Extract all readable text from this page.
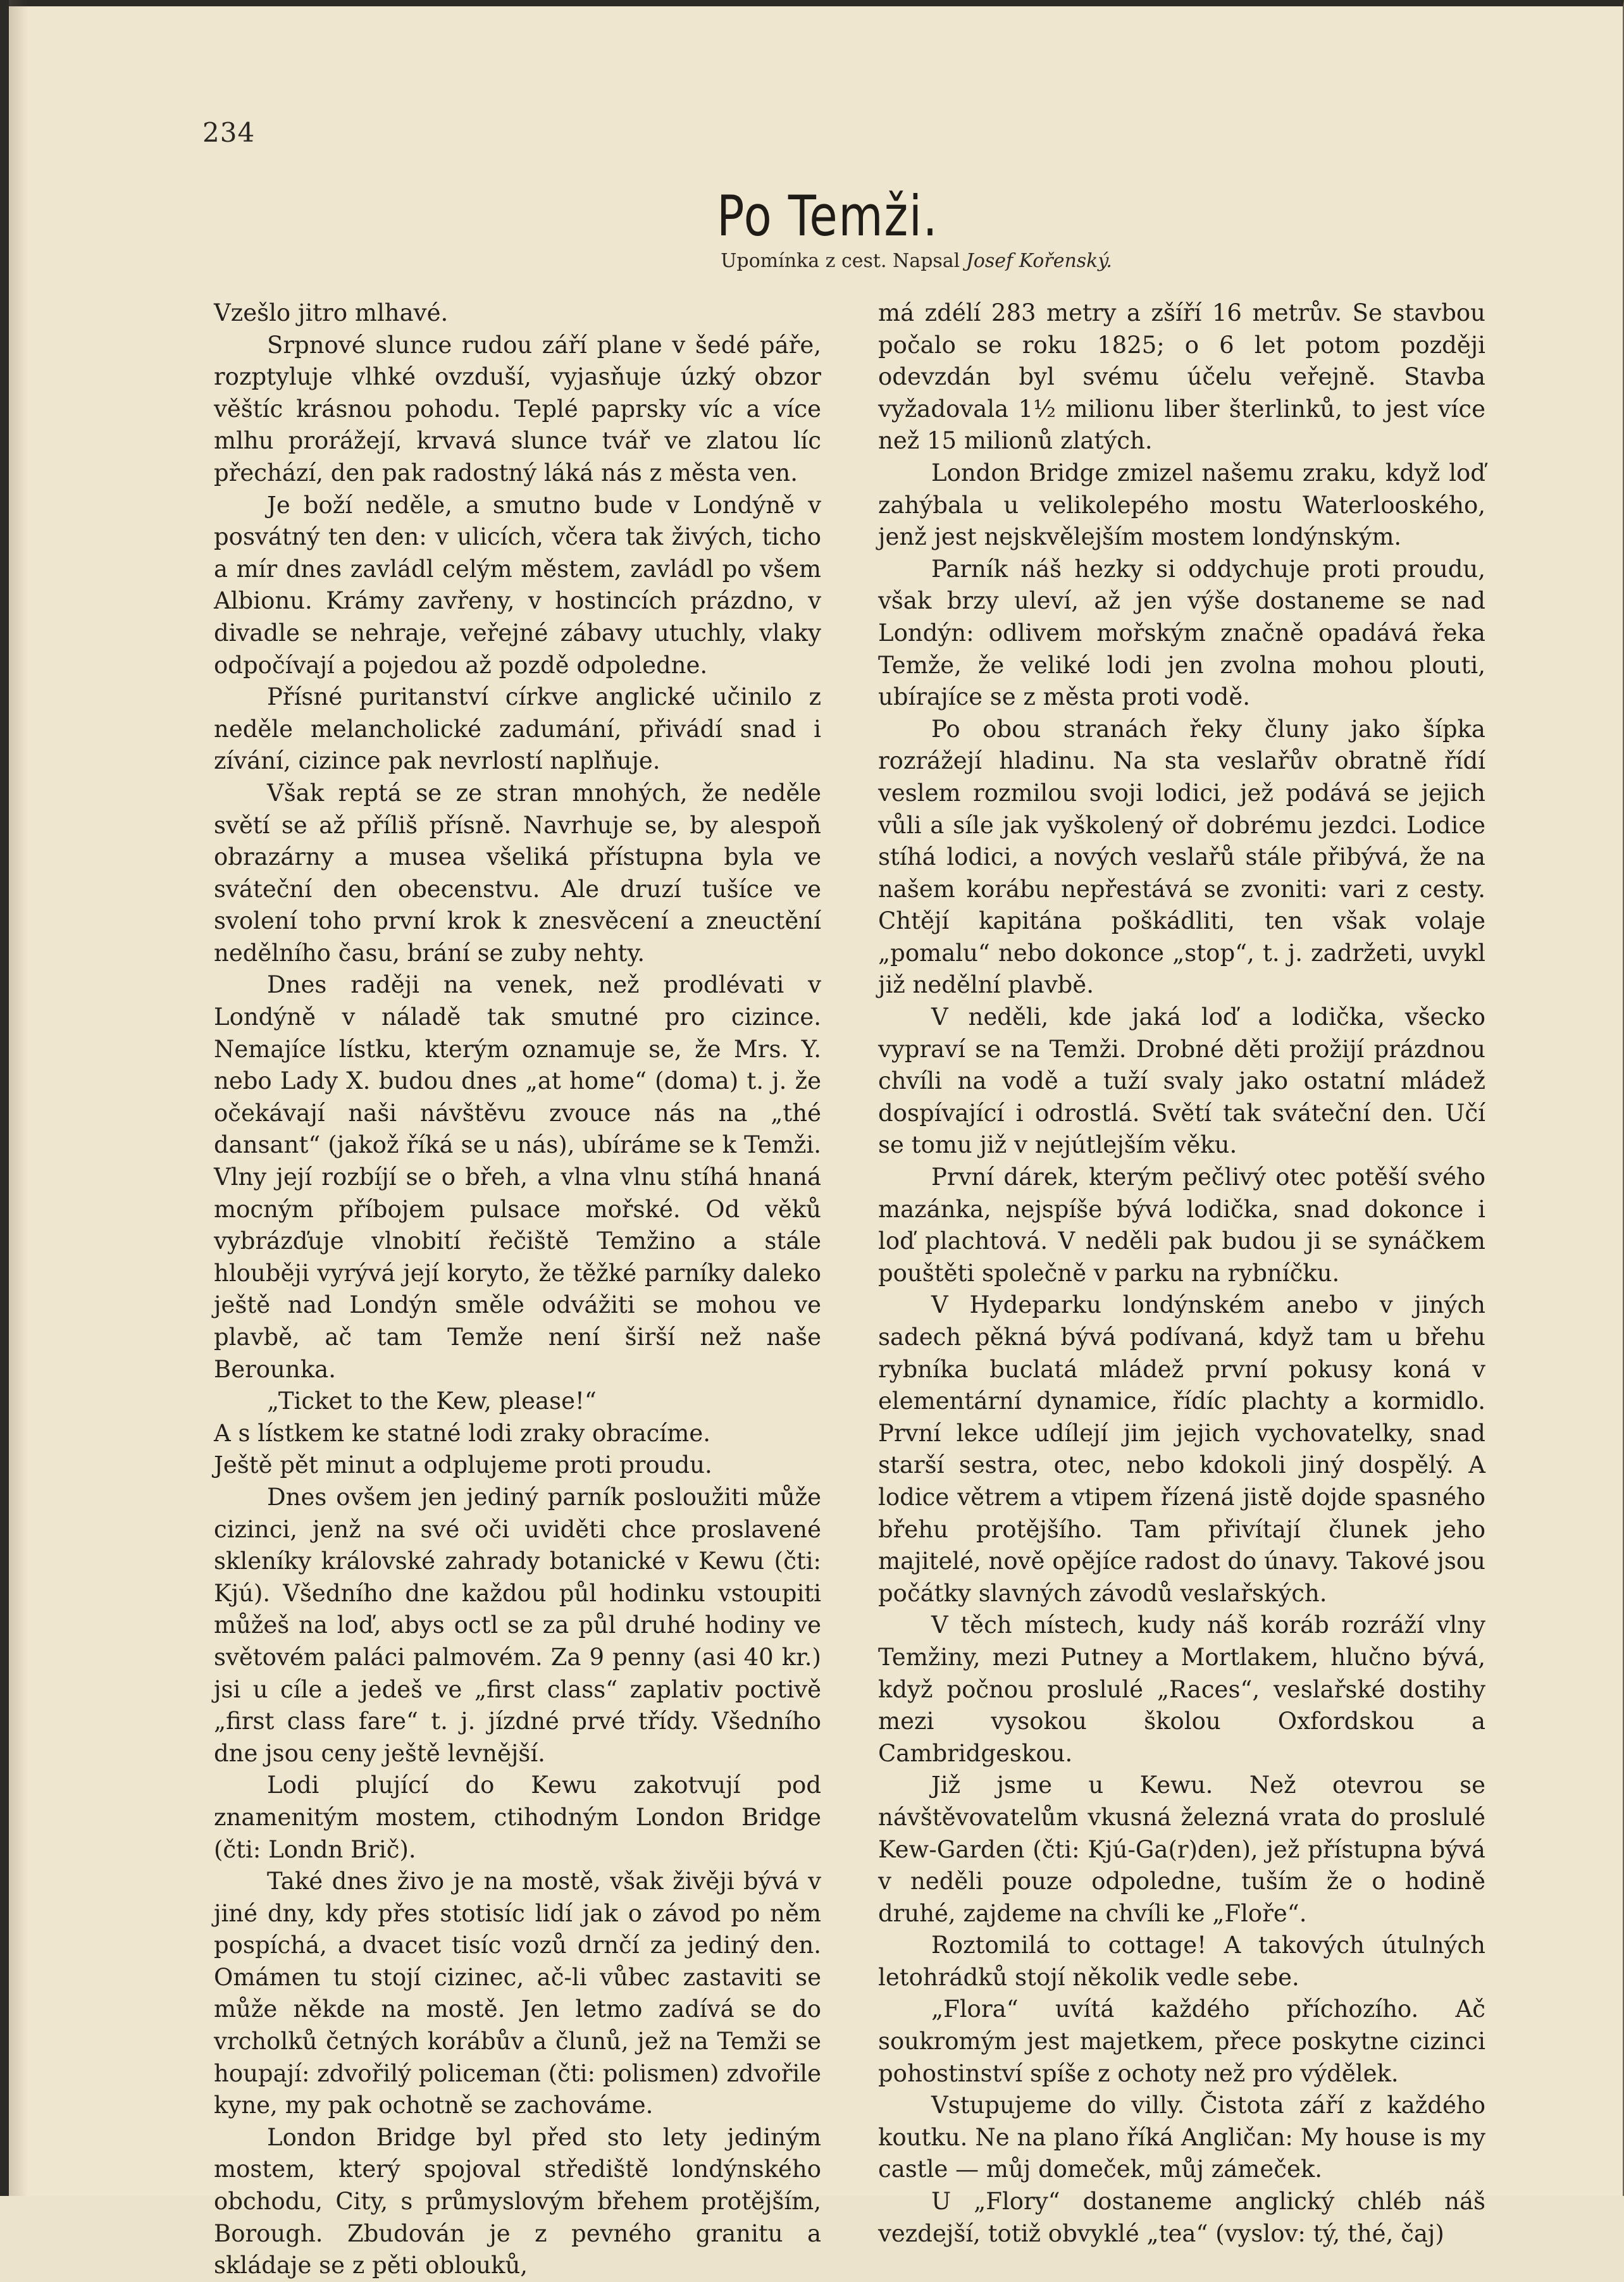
234
Po Temži.
Upomínka z cest. Napsal Josef Kořenský.

Vzešlo jitro mlhavé.

Srpnové slunce rudou září plane v šedé páře, rozptyluje vlhké ovzduší, vyjasňuje úzký obzor věštíc krásnou pohodu. Teplé paprsky víc a více mlhu prorážejí, krvavá slunce tvář ve zlatou líc přechází, den pak radostný láká nás z města ven.

Je boží neděle, a smutno bude v Londýně v posvátný ten den: v ulicích, včera tak živých, ticho a mír dnes zavládl celým městem, zavládl po všem Albionu. Krámy zavřeny, v hostincích prázdno, v divadle se nehraje, veřejné zábavy utuchly, vlaky odpočívají a pojedou až pozdě odpoledne.

Přísné puritanství církve anglické učinilo z neděle melancholické zadumání, přivádí snad i zívání, cizince pak nevrlostí naplňuje.

Však reptá se ze stran mnohých, že neděle světí se až příliš přísně. Navrhuje se, by alespoň obrazárny a musea všeliká přístupna byla ve sváteční den obecenstvu. Ale druzí tušíce ve svolení toho první krok k znesvěcení a zneuctění nedělního času, brání se zuby nehty.

Dnes raději na venek, než prodlévati v Londýně v náladě tak smutné pro cizince. Nemajíce lístku, kterým oznamuje se, že Mrs. Y. nebo Lady X. budou dnes „at home“ (doma) t. j. že očekávají naši návštěvu zvouce nás na „thé dansant“ (jakož říká se u nás), ubíráme se k Temži. Vlny její rozbíjí se o břeh, a vlna vlnu stíhá hnaná mocným příbojem pulsace mořské. Od věků vybrázďuje vlnobití řečiště Temžino a stále hlouběji vyrývá její koryto, že těžké parníky daleko ještě nad Londýn směle odvážiti se mohou ve plavbě, ač tam Temže není širší než naše Berounka.

„Ticket to the Kew, please!“

A s lístkem ke statné lodi zraky obracíme.

Ještě pět minut a odplujeme proti proudu.

Dnes ovšem jen jediný parník posloužiti může cizinci, jenž na své oči uviděti chce proslavené skleníky královské zahrady botanické v Kewu (čti: Kjú). Všedního dne každou půl hodinku vstoupiti můžeš na loď, abys octl se za půl druhé hodiny ve světovém paláci palmovém. Za 9 penny (asi 40 kr.) jsi u cíle a jedeš ve „first class“ zaplativ poctivě „first class fare“ t. j. jízdné prvé třídy. Všedního dne jsou ceny ještě levnější.

Lodi plující do Kewu zakotvují pod znamenitým mostem, ctihodným London Bridge (čti: Londn Brič).

Také dnes živo je na mostě, však živěji bývá v jiné dny, kdy přes stotisíc lidí jak o závod po něm pospíchá, a dvacet tisíc vozů drnčí za jediný den. Omámen tu stojí cizinec, ač-li vůbec zastaviti se může někde na mostě. Jen letmo zadívá se do vrcholků četných korábův a člunů, jež na Temži se houpají: zdvořilý policeman (čti: polismen) zdvořile kyne, my pak ochotně se zachováme.

London Bridge byl před sto lety jediným mostem, který spojoval střediště londýnského obchodu, City, s průmyslovým břehem protějším, Borough. Zbudován je z pevného granitu a skládaje se z pěti oblouků,

má zdélí 283 metry a zšíří 16 metrův. Se stavbou počalo se roku 1825; o 6 let potom později odevzdán byl svému účelu veřejně. Stavba vyžadovala 1½ milionu liber šterlinků, to jest více než 15 milionů zlatých.

London Bridge zmizel našemu zraku, když loď zahýbala u velikolepého mostu Waterlooského, jenž jest nejskvělejším mostem londýnským.

Parník náš hezky si oddychuje proti proudu, však brzy uleví, až jen výše dostaneme se nad Londýn: odlivem mořským značně opadává řeka Temže, že veliké lodi jen zvolna mohou plouti, ubírajíce se z města proti vodě.

Po obou stranách řeky čluny jako šípka rozrážejí hladinu. Na sta veslařův obratně řídí veslem rozmilou svoji lodici, jež podává se jejich vůli a síle jak vyškolený oř dobrému jezdci. Lodice stíhá lodici, a nových veslařů stále přibývá, že na našem korábu nepřestává se zvoniti: vari z cesty. Chtějí kapitána poškádliti, ten však volaje „pomalu“ nebo dokonce „stop“, t. j. zadržeti, uvykl již nedělní plavbě.

V neděli, kde jaká loď a lodička, všecko vypraví se na Temži. Drobné děti prožijí prázdnou chvíli na vodě a tuží svaly jako ostatní mládež dospívající i odrostlá. Světí tak sváteční den. Učí se tomu již v nejútlejším věku.

První dárek, kterým pečlivý otec potěší svého mazánka, nejspíše bývá lodička, snad dokonce i loď plachtová. V neděli pak budou ji se synáčkem pouštěti společně v parku na rybníčku.

V Hydeparku londýnském anebo v jiných sadech pěkná bývá podívaná, když tam u břehu rybníka buclatá mládež první pokusy koná v elementární dynamice, řídíc plachty a kormidlo. První lekce udílejí jim jejich vychovatelky, snad starší sestra, otec, nebo kdokoli jiný dospělý. A lodice větrem a vtipem řízená jistě dojde spasného břehu protějšího. Tam přivítají člunek jeho majitelé, nově opějíce radost do únavy. Takové jsou počátky slavných závodů veslařských.

V těch místech, kudy náš koráb rozráží vlny Temžiny, mezi Putney a Mortlakem, hlučno bývá, když počnou proslulé „Races“, veslařské dostihy mezi vysokou školou Oxfordskou a Cambridgeskou.

Již jsme u Kewu. Než otevrou se návštěvovatelům vkusná železná vrata do proslulé Kew-Garden (čti: Kjú-Ga(r)den), jež přístupna bývá v neděli pouze odpoledne, tuším že o hodině druhé, zajdeme na chvíli ke „Floře“.

Roztomilá to cottage! A takových útulných letohrádků stojí několik vedle sebe.

„Flora“ uvítá každého příchozího. Ač soukromým jest majetkem, přece poskytne cizinci pohostinství spíše z ochoty než pro výdělek.

Vstupujeme do villy. Čistota září z každého koutku. Ne na plano říká Angličan: My house is my castle — můj domeček, můj zámeček.

U „Flory“ dostaneme anglický chléb náš vezdejší, totiž obvyklé „tea“ (vyslov: tý, thé, čaj)
